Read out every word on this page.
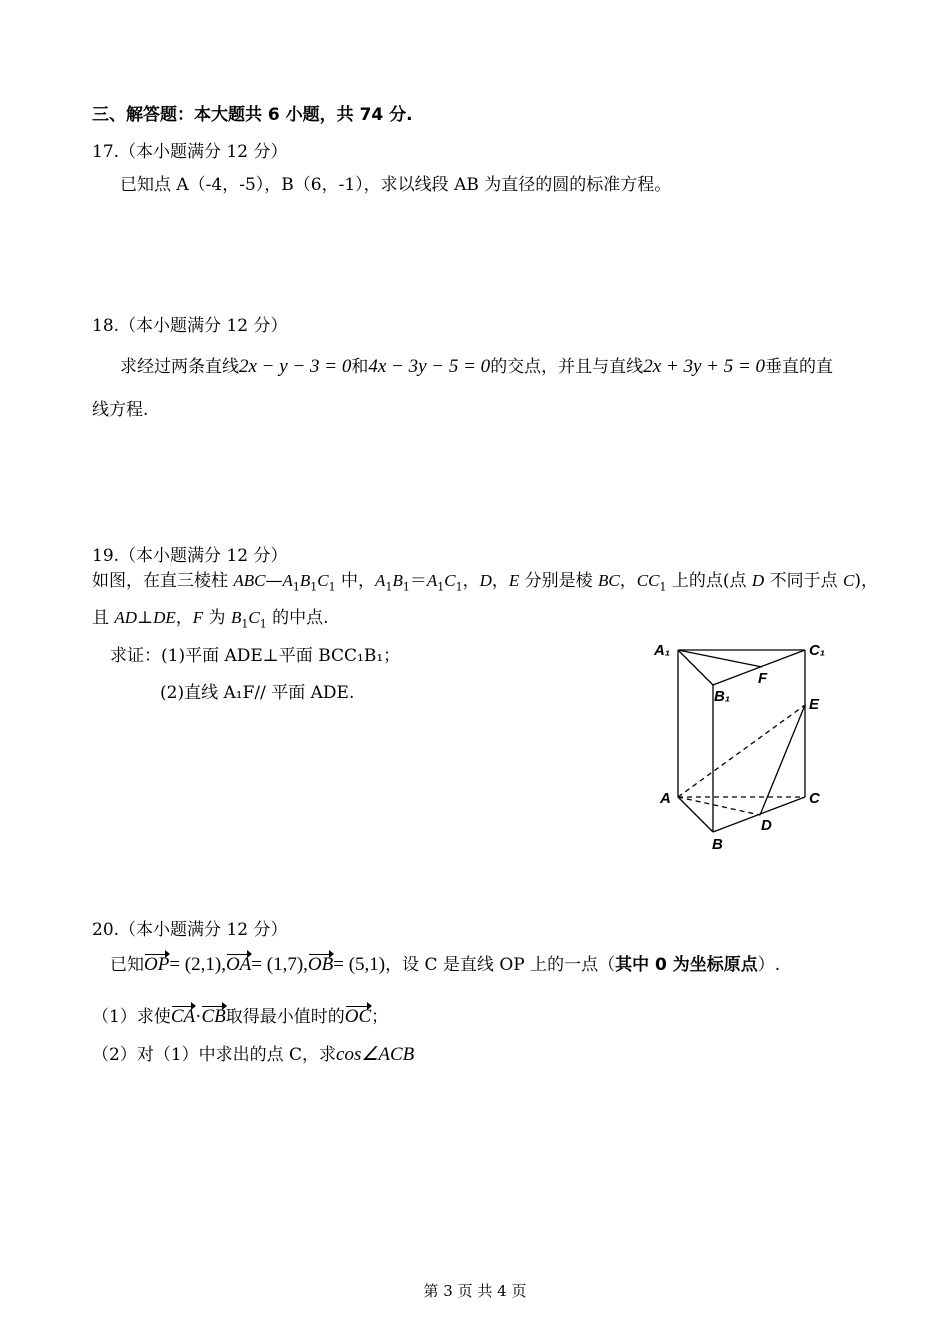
三、解答题：本大题共 6 小题，共 74 分.
17.（本小题满分 12 分）
已知点 A（-4，-5），B（6，-1），求以线段 AB 为直径的圆的标准方程。
18.（本小题满分 12 分）
求经过两条直线2x − y − 3 = 0和4x − 3y − 5 = 0的交点，并且与直线2x + 3y + 5 = 0垂直的直
线方程.
19.（本小题满分 12 分）
如图，在直三棱柱 $ABC—A_1B_1C_1$ 中，$A_1B_1=A_1C_1$，D，E 分别是棱 BC，$CC_1$ 上的点(点 D 不同于点 C)，
且 AD⊥DE，F 为 $B_1C_1$ 的中点.
求证：(1)平面 ADE⊥平面 BCC₁B₁；
(2)直线 A₁F// 平面 ADE.
A₁
F
C₁
B₁	E
A	C
D
B
20.（本小题满分 12 分）
已知OP= (2,1),OA= (1,7),OB= (5,1)，设 C 是直线 OP 上的一点（其中 0 为坐标原点）.
（1）求使CA·CB取得最小值时的OC；
（2）对（1）中求出的点 C，求cos∠ACB
第 3 页 共 4 页
